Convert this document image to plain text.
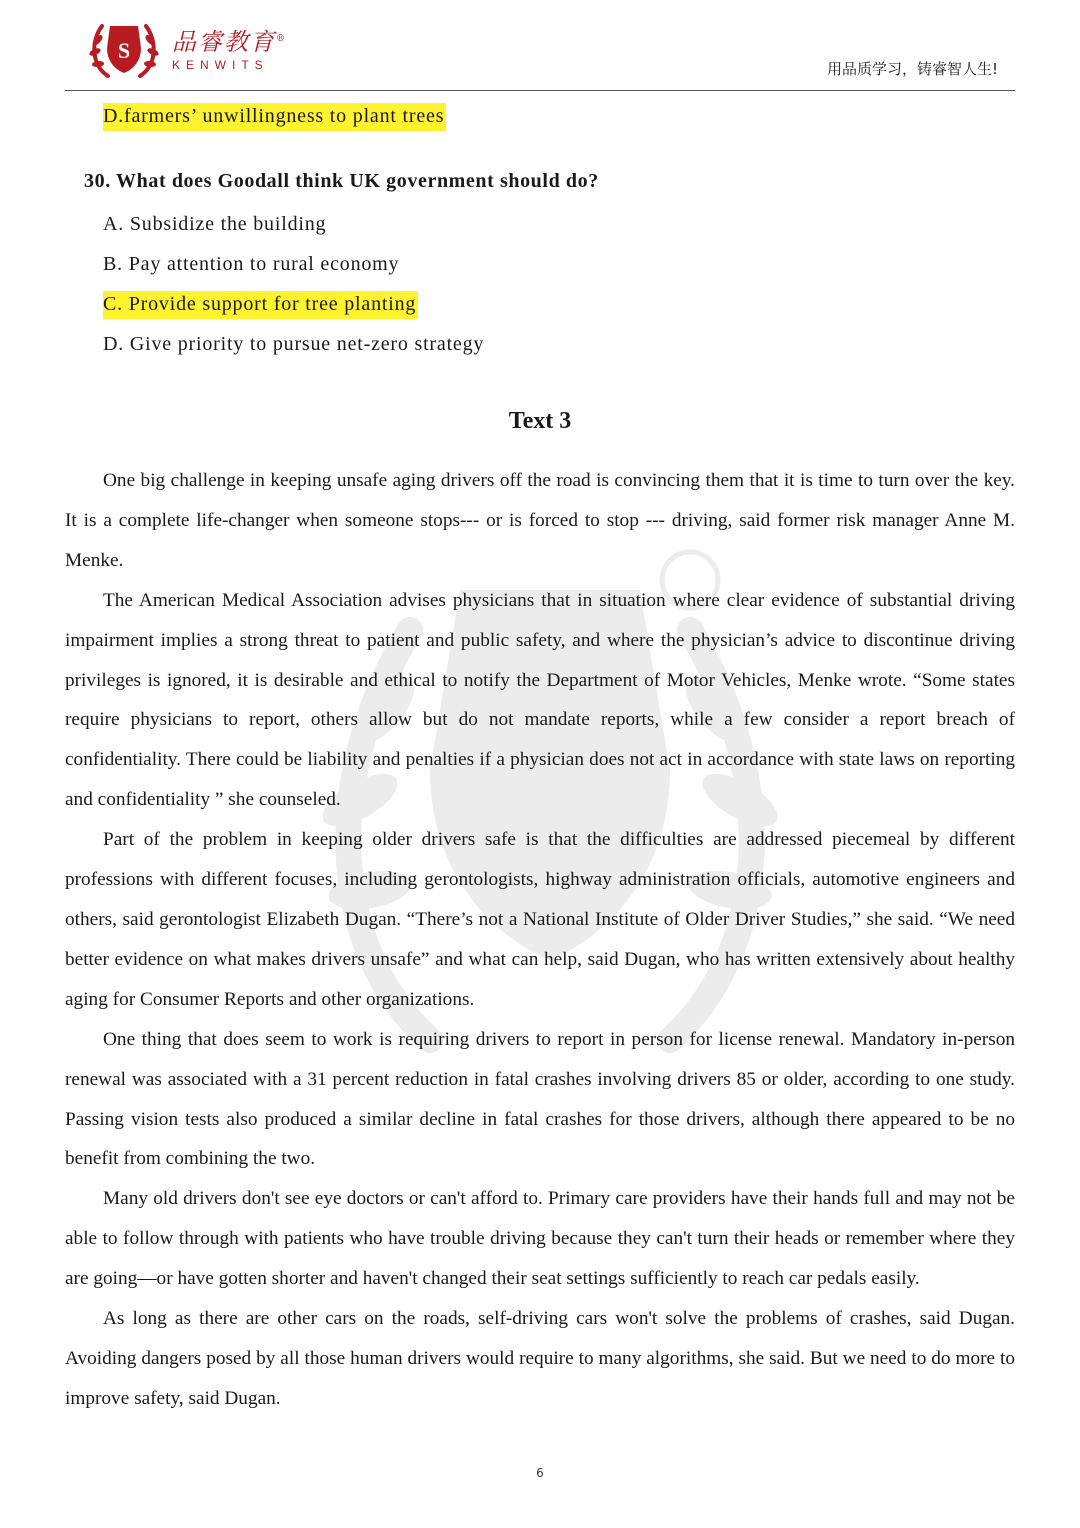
S 品睿教育®
KENWITS	用品质学习，铸睿智人生!
D.farmers’ unwillingness to plant trees
30. What does Goodall think UK government should do?
A. Subsidize the building
B. Pay attention to rural economy
C. Provide support for tree planting
D. Give priority to pursue net-zero strategy
Text 3

One big challenge in keeping unsafe aging drivers off the road is convincing them that it is time to turn over the key. It is a complete life-changer when someone stops--- or is forced to stop --- driving, said former risk manager Anne M. Menke.

The American Medical Association advises physicians that in situation where clear evidence of substantial driving impairment implies a strong threat to patient and public safety, and where the physician’s advice to discontinue driving privileges is ignored, it is desirable and ethical to notify the Department of Motor Vehicles, Menke wrote. “Some states require physicians to report, others allow but do not mandate reports, while a few consider a report breach of confidentiality. There could be liability and penalties if a physician does not act in accordance with state laws on reporting and confidentiality ” she counseled.

Part of the problem in keeping older drivers safe is that the difficulties are addressed piecemeal by different professions with different focuses, including gerontologists, highway administration officials, automotive engineers and others, said gerontologist Elizabeth Dugan. “There’s not a National Institute of Older Driver Studies,” she said. “We need better evidence on what makes drivers unsafe” and what can help, said Dugan, who has written extensively about healthy aging for Consumer Reports and other organizations.

One thing that does seem to work is requiring drivers to report in person for license renewal. Mandatory in-person renewal was associated with a 31 percent reduction in fatal crashes involving drivers 85 or older, according to one study. Passing vision tests also produced a similar decline in fatal crashes for those drivers, although there appeared to be no benefit from combining the two.

Many old drivers don't see eye doctors or can't afford to. Primary care providers have their hands full and may not be able to follow through with patients who have trouble driving because they can't turn their heads or remember where they are going—or have gotten shorter and haven't changed their seat settings sufficiently to reach car pedals easily.

As long as there are other cars on the roads, self-driving cars won't solve the problems of crashes, said Dugan. Avoiding dangers posed by all those human drivers would require to many algorithms, she said. But we need to do more to improve safety, said Dugan.

6
